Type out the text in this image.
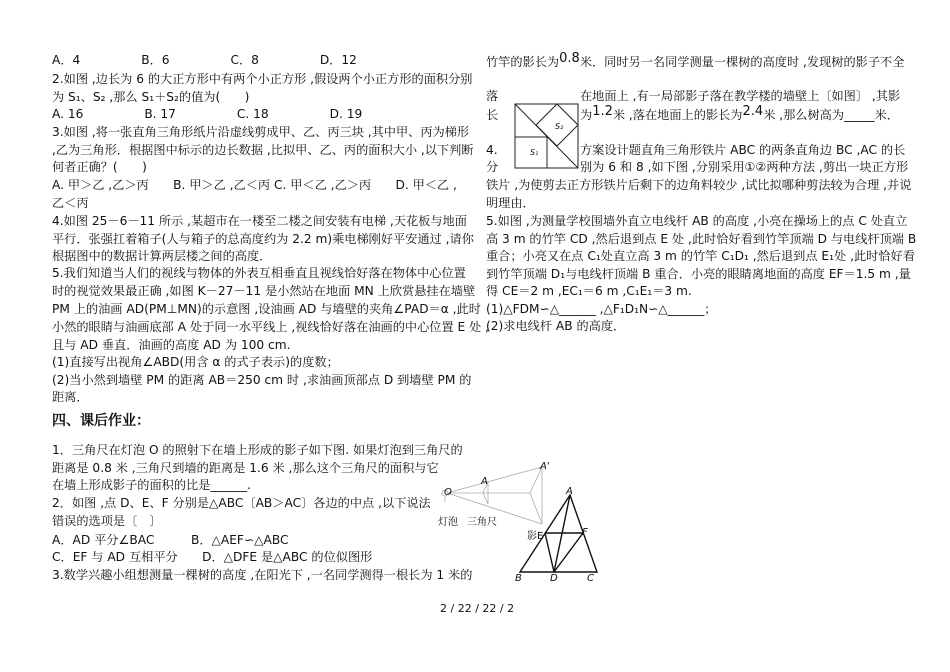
A．4　　　　　B．6　　　　　C．8　　　　　D．12
2.如图 ,边长为 6 的大正方形中有两个小正方形 ,假设两个小正方形的面积分别
为 S₁、S₂ ,那么 S₁＋S₂的值为(　　)
A. 16　　　　　B. 17　　　　　C. 18　　　　　D. 19
3.如图 ,将一张直角三角形纸片沿虚线剪成甲、乙、丙三块 ,其中甲、丙为梯形
,乙为三角形．根据图中标示的边长数据 ,比拟甲、乙、丙的面积大小 ,以下判断
何者正确？(　　)
A. 甲＞乙 ,乙＞丙　　B. 甲＞乙 ,乙＜丙 C. 甲＜乙 ,乙＞丙　　D. 甲＜乙 ,
乙＜丙
4.如图 25－6－11 所示 ,某超市在一楼至二楼之间安装有电梯 ,天花板与地面
平行．张强扛着箱子(人与箱子的总高度约为 2.2 m)乘电梯刚好平安通过 ,请你
根据图中的数据计算两层楼之间的高度．
5.我们知道当人们的视线与物体的外表互相垂直且视线恰好落在物体中心位置
时的视觉效果最正确 ,如图 K－27－11 是小然站在地面 MN 上欣赏悬挂在墙壁
PM 上的油画 AD(PM⊥MN)的示意图 ,设油画 AD 与墙壁的夹角∠PAD＝α ,此时
小然的眼睛与油画底部 A 处于同一水平线上 ,视线恰好落在油画的中心位置 E 处 ,
且与 AD 垂直．油画的高度 AD 为 100 cm.
(1)直接写出视角∠ABD(用含 α 的式子表示)的度数；
(2)当小然到墙壁 PM 的距离 AB＝250 cm 时 ,求油画顶部点 D 到墙壁 PM 的
距离．
四、课后作业：
1．三角尺在灯泡 O 的照射下在墙上形成的影子如下图. 如果灯泡到三角尺的
距离是 0.8 米 ,三角尺到墙的距离是 1.6 米 ,那么这个三角尺的面积与它
在墙上形成影子的面积的比是______.
2．如图 ,点 D、E、F 分别是△ABC〔AB＞AC〕各边的中点 ,以下说法
错误的选项是〔　〕
A．AD 平分∠BAC　　　B．△AEF∽△ABC
C．EF 与 AD 互相平分　　D．△DFE 是△ABC 的位似图形
3.数学兴趣小组想测量一棵树的高度 ,在阳光下 ,一名同学测得一根长为 1 米的
竹竿的影长为0.8米．同时另一名同学测量一棵树的高度时 ,发现树的影子不全
落	在地面上 ,有一局部影子落在教学楼的墙壁上〔如图〕 ,其影
长	为1.2米 ,落在地面上的影长为2.4米 ,那么树高为_____米．
4.	方案设计题直角三角形铁片 ABC 的两条直角边 BC ,AC 的长
分	别为 6 和 8 ,如下图 ,分别采用①②两种方法 ,剪出一块正方形
铁片 ,为使剪去正方形铁片后剩下的边角料较少 ,试比拟哪种剪法较为合理 ,并说
明理由．
5.如图 ,为测量学校围墙外直立电线杆 AB 的高度 ,小亮在操场上的点 C 处直立
高 3 m 的竹竿 CD ,然后退到点 E 处 ,此时恰好看到竹竿顶端 D 与电线杆顶端 B
重合；小亮又在点 C₁处直立高 3 m 的竹竿 C₁D₁ ,然后退到点 E₁处 ,此时恰好看
到竹竿顶端 D₁与电线杆顶端 B 重合．小亮的眼睛离地面的高度 EF＝1.5 m ,量
得 CE＝2 m ,EC₁＝6 m ,C₁E₁＝3 m.
(1)△FDM∽△______ ,△F₁D₁N∽△______；
(2)求电线杆 AB 的高度．
S₂
S₁
O
A
A'
灯泡 三角尺
A
B	D	C
影E	F
2 / 22 / 22 / 2
